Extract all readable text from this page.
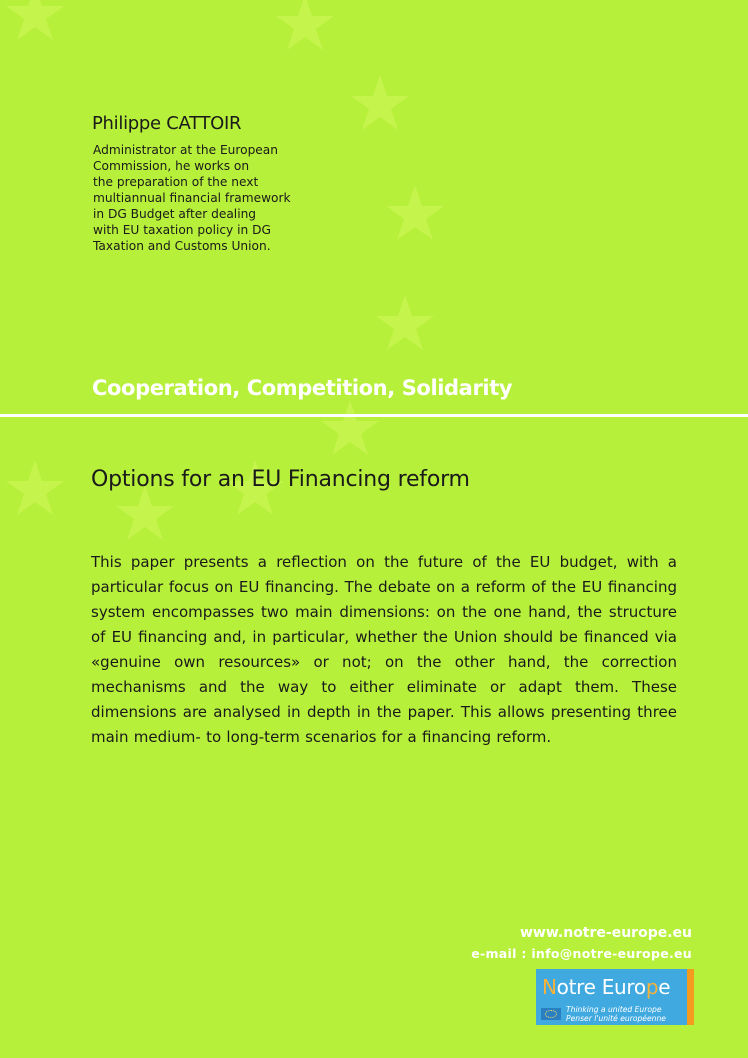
Philippe CATTOIR
Administrator at the European
Commission, he works on
the preparation of the next
multiannual financial framework
in DG Budget after dealing
with EU taxation policy in DG
Taxation and Customs Union.
Cooperation, Competition, Solidarity
Options for an EU Financing reform
This paper presents a reflection on the future of the EU budget, with a particular focus on EU financing. The debate on a reform of the EU financing system encompasses two main dimensions: on the one hand, the structure of EU financing and, in particular, whether the Union should be financed via «genuine own resources» or not; on the other hand, the correction mechanisms and the way to either eliminate or adapt them. These dimensions are analysed in depth in the paper. This allows presenting three main medium- to long-term scenarios for a financing reform.
www.notre-europe.eu
e-mail : info@notre-europe.eu
Notre Europe
Thinking a united Europe
Penser l'unité européenne
